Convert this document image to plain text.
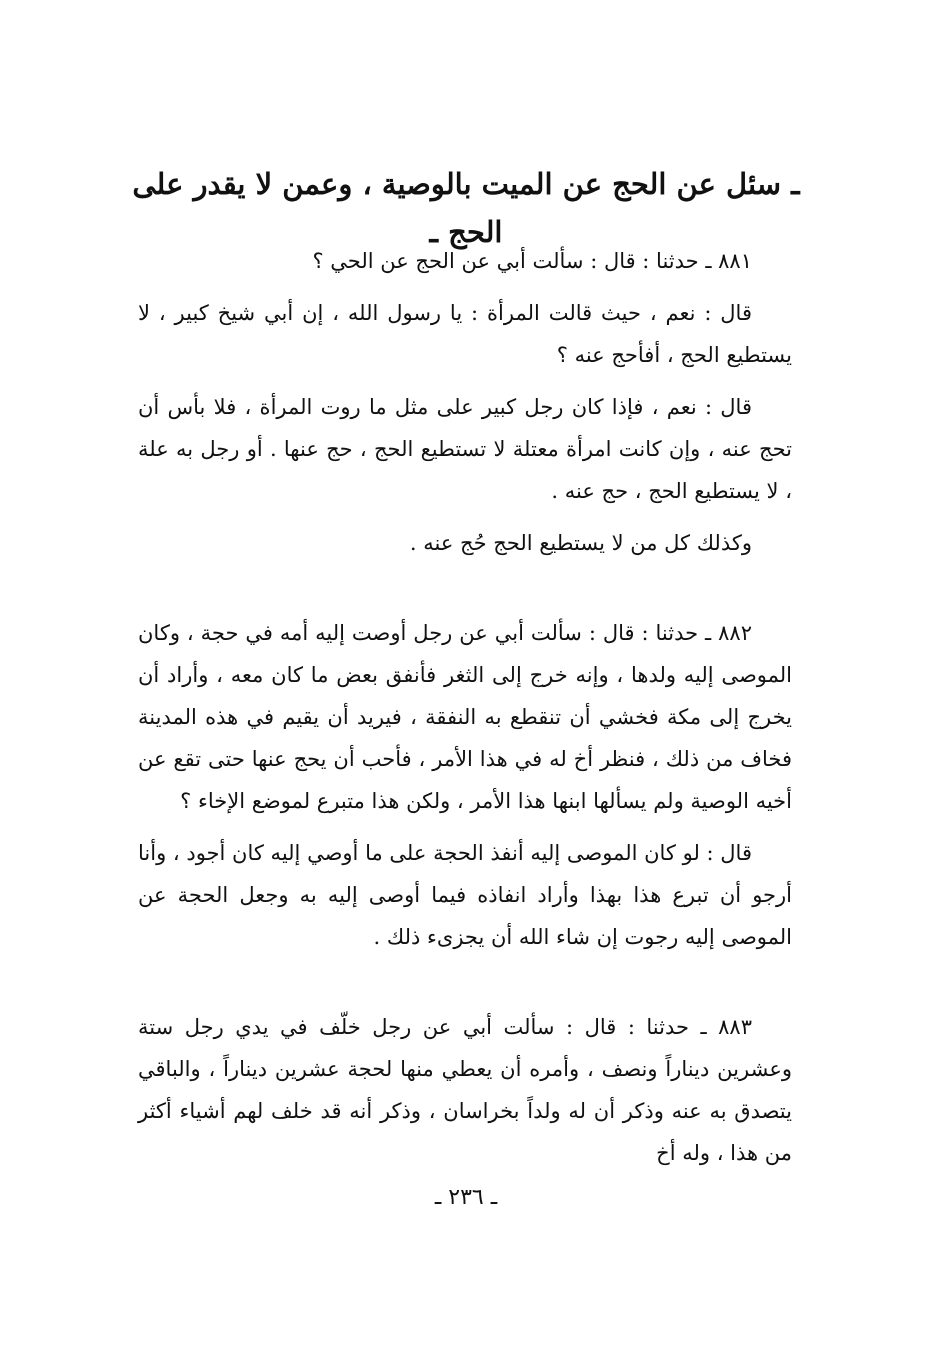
ـ سئل عن الحج عن الميت بالوصية ، وعمن لا يقدر على الحج ـ

٨٨١ ـ حدثنا : قال : سألت أبي عن الحج عن الحي ؟

قال : نعم ، حيث قالت المرأة : يا رسول الله ، إن أبي شيخ كبير ، لا يستطيع الحج ، أفأحج عنه ؟

قال : نعم ، فإذا كان رجل كبير على مثل ما روت المرأة ، فلا بأس أن تحج عنه ، وإن كانت امرأة معتلة لا تستطيع الحج ، حج عنها . أو رجل به علة ، لا يستطيع الحج ، حج عنه .

وكذلك كل من لا يستطيع الحج حُج عنه .

٨٨٢ ـ حدثنا : قال : سألت أبي عن رجل أوصت إليه أمه في حجة ، وكان الموصى إليه ولدها ، وإنه خرج إلى الثغر فأنفق بعض ما كان معه ، وأراد أن يخرج إلى مكة فخشي أن تنقطع به النفقة ، فيريد أن يقيم في هذه المدينة فخاف من ذلك ، فنظر أخ له في هذا الأمر ، فأحب أن يحج عنها حتى تقع عن أخيه الوصية ولم يسألها ابنها هذا الأمر ، ولكن هذا متبرع لموضع الإخاء ؟

قال : لو كان الموصى إليه أنفذ الحجة على ما أوصي إليه كان أجود ، وأنا أرجو أن تبرع هذا بهذا وأراد انفاذه فيما أوصى إليه به وجعل الحجة عن الموصى إليه رجوت إن شاء الله أن يجزىء ذلك .

٨٨٣ ـ حدثنا : قال : سألت أبي عن رجل خلّف في يدي رجل ستة وعشرين ديناراً ونصف ، وأمره أن يعطي منها لحجة عشرين ديناراً ، والباقي يتصدق به عنه وذكر أن له ولداً بخراسان ، وذكر أنه قد خلف لهم أشياء أكثر من هذا ، وله أخ

ـ ٢٣٦ ـ
